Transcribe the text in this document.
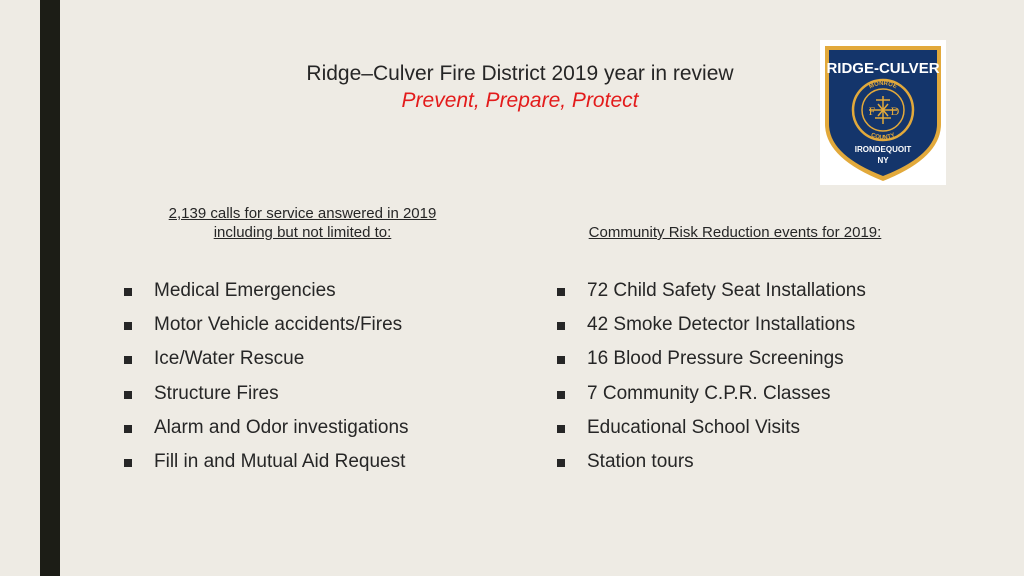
Ridge–Culver Fire District 2019 year in review
Prevent, Prepare, Protect
RIDGE-CULVER
MONROE
COUNTY
F D
IRONDEQUOIT
NY
2,139 calls for service answered in 2019
including but not limited to:	Community Risk Reduction events for 2019:
Medical Emergencies
Motor Vehicle accidents/Fires
Ice/Water Rescue
Structure Fires
Alarm and Odor investigations
Fill in and Mutual Aid Request
72 Child Safety Seat Installations
42 Smoke Detector Installations
16 Blood Pressure Screenings
7 Community C.P.R. Classes
Educational School Visits
Station tours
